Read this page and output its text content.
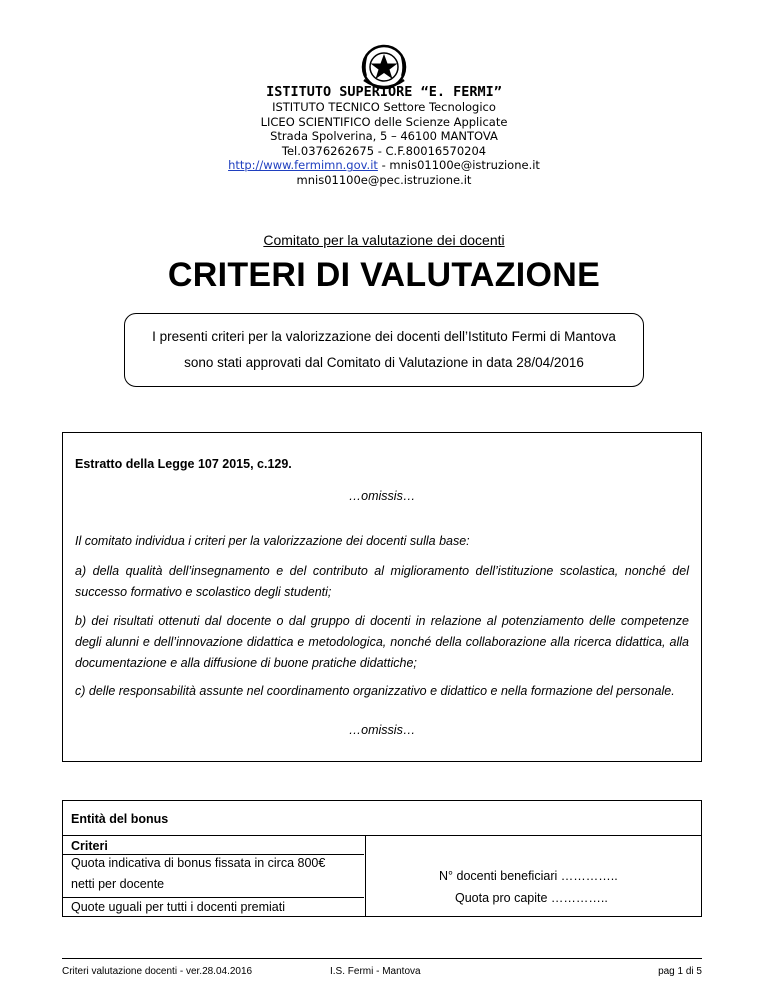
ISTITUTO SUPERIORE “E. FERMI”
ISTITUTO TECNICO Settore Tecnologico
LICEO SCIENTIFICO delle Scienze Applicate
Strada Spolverina, 5 – 46100 MANTOVA
Tel.0376262675 - C.F.80016570204
http://www.fermimn.gov.it - mnis01100e@istruzione.it
mnis01100e@pec.istruzione.it
Comitato per la valutazione dei docenti
CRITERI DI VALUTAZIONE
I presenti criteri per la valorizzazione dei docenti dell’Istituto Fermi di Mantova
sono stati approvati dal Comitato di Valutazione in data 28/04/2016
Estratto della Legge 107 2015, c.129.
…omissis…
Il comitato individua i criteri per la valorizzazione dei docenti sulla base:
a) della qualità dell’insegnamento e del contributo al miglioramento dell’istituzione scolastica, nonché del successo formativo e scolastico degli studenti;
b) dei risultati ottenuti dal docente o dal gruppo di docenti in relazione al potenziamento delle competenze degli alunni e dell’innovazione didattica e metodologica, nonché della collaborazione alla ricerca didattica, alla documentazione e alla diffusione di buone pratiche didattiche;
c) delle responsabilità assunte nel coordinamento organizzativo e didattico e nella formazione del personale.
…omissis…
Entità del bonus
Criteri
Quota indicativa di bonus fissata in circa 800€
netti per docente
Quote uguali per tutti i docenti premiati
N° docenti beneficiari …………..
Quota pro capite …………..
Criteri valutazione docenti - ver.28.04.2016	I.S. Fermi - Mantova	pag 1 di 5
